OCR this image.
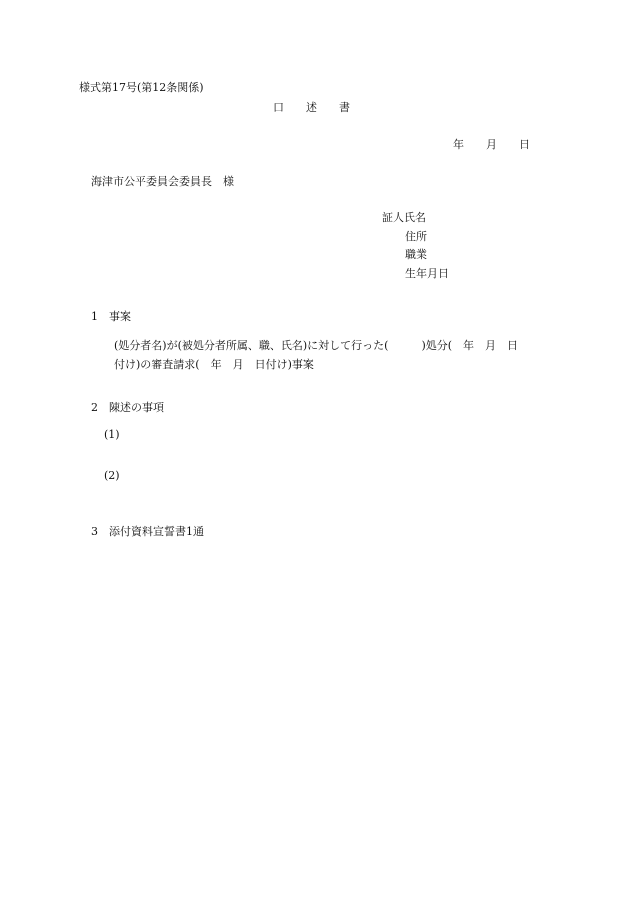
様式第17号(第12条関係)
口　　述　　書
年　　月　　日
海津市公平委員会委員長　様
証人氏名
住所
職業
生年月日
1　事案
(処分者名)が(被処分者所属、職、氏名)に対して行った(　　　)処分(　年　月　日
付け)の審査請求(　年　月　日付け)事案
2　陳述の事項
(1)
(2)
3　添付資料宣誓書1通
